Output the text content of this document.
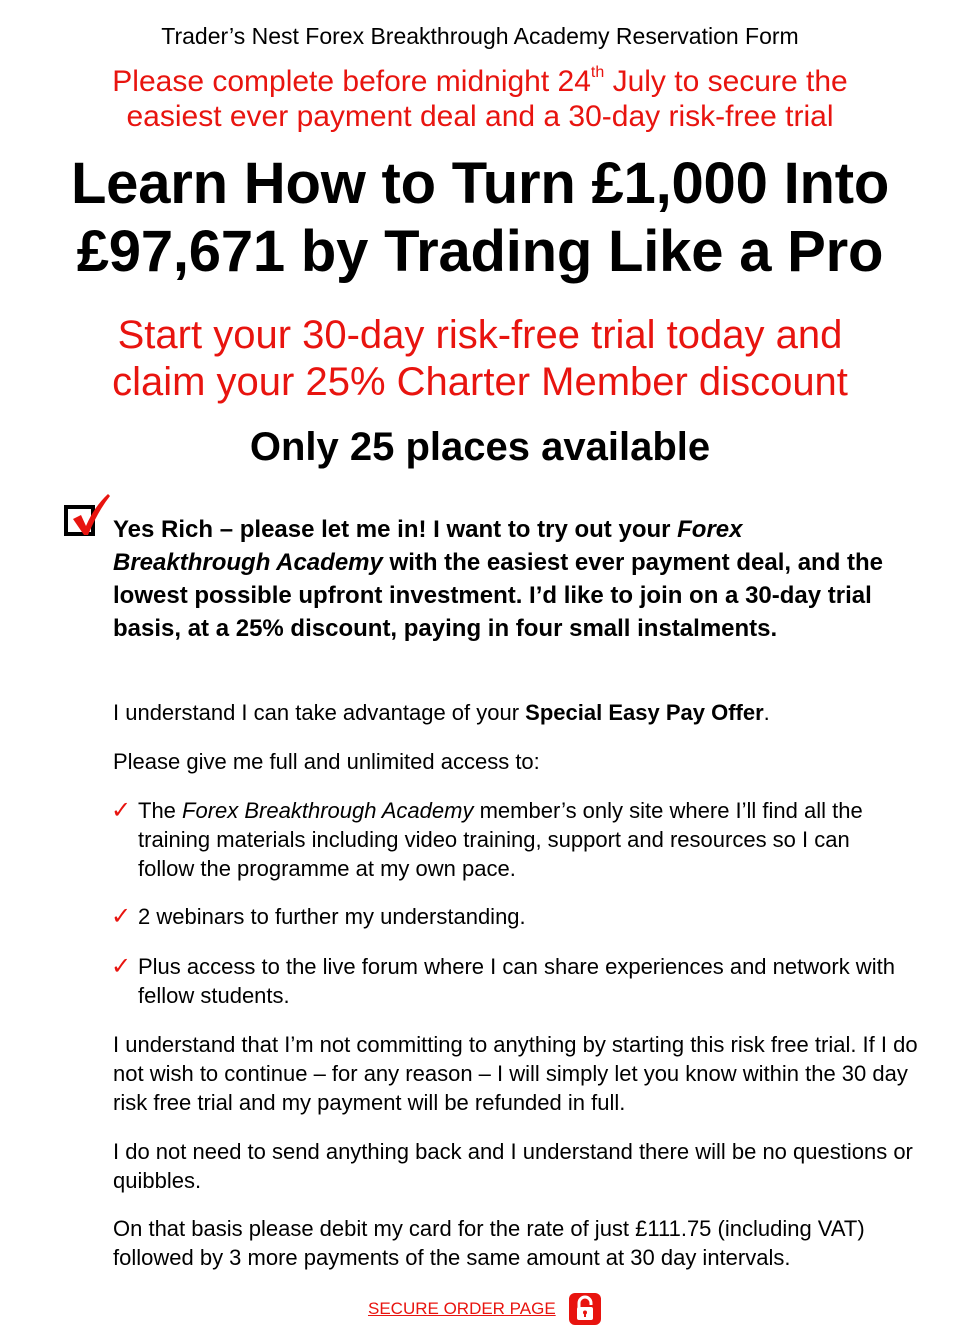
Trader’s Nest Forex Breakthrough Academy Reservation Form
Please complete before midnight 24th July to secure the
easiest ever payment deal and a 30-day risk-free trial
Learn How to Turn £1,000 Into
£97,671 by Trading Like a Pro
Start your 30-day risk-free trial today and
claim your 25% Charter Member discount
Only 25 places available
Yes Rich – please let me in! I want to try out your Forex Breakthrough Academy with the easiest ever payment deal, and the lowest possible upfront investment. I’d like to join on a 30-day trial basis, at a 25% discount, paying in four small instalments.
I understand I can take advantage of your Special Easy Pay Offer.
Please give me full and unlimited access to:
✓ The Forex Breakthrough Academy member’s only site where I’ll find all the training materials including video training, support and resources so I can follow the programme at my own pace.
✓ 2 webinars to further my understanding.
✓ Plus access to the live forum where I can share experiences and network with fellow students.
I understand that I’m not committing to anything by starting this risk free trial. If I do not wish to continue – for any reason – I will simply let you know within the 30 day risk free trial and my payment will be refunded in full.
I do not need to send anything back and I understand there will be no questions or quibbles.
On that basis please debit my card for the rate of just £111.75 (including VAT) followed by 3 more payments of the same amount at 30 day intervals.
SECURE ORDER PAGE
